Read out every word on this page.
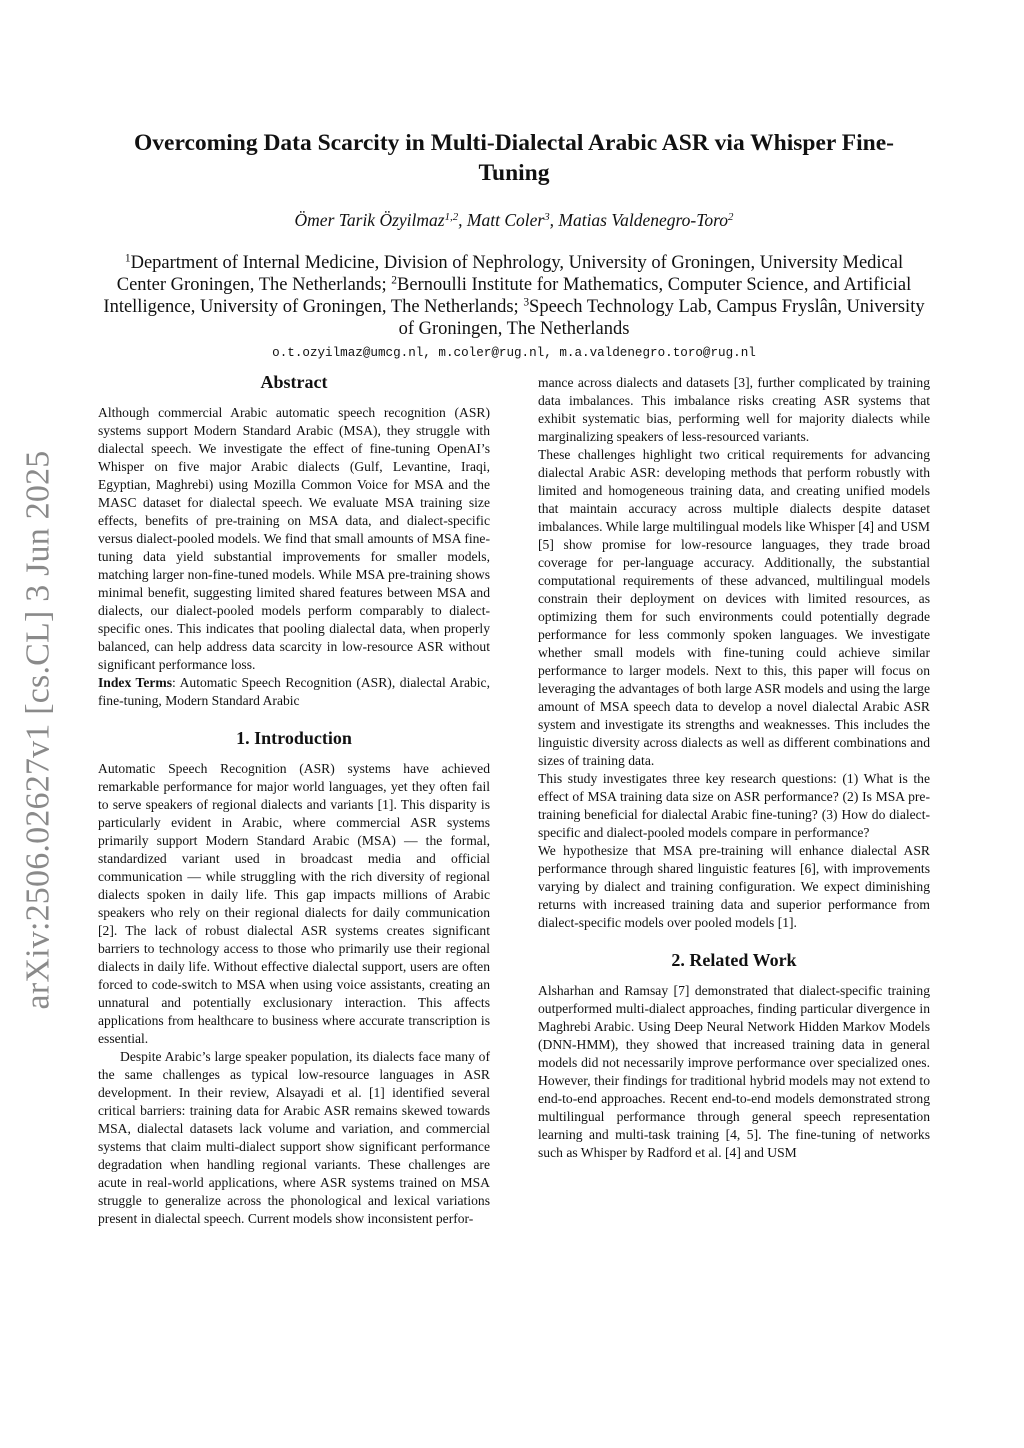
arXiv:2506.02627v1 [cs.CL] 3 Jun 2025
Overcoming Data Scarcity in Multi-Dialectal Arabic ASR via Whisper Fine-Tuning
Ömer Tarik Özyilmaz$^{1,2}$, Matt Coler$^3$, Matias Valdenegro-Toro$^2$
$^1$Department of Internal Medicine, Division of Nephrology, University of Groningen, University Medical Center Groningen, The Netherlands; $^2$Bernoulli Institute for Mathematics, Computer Science, and Artificial Intelligence, University of Groningen, The Netherlands; $^3$Speech Technology Lab, Campus Fryslân, University of Groningen, The Netherlands
o.t.ozyilmaz@umcg.nl, m.coler@rug.nl, m.a.valdenegro.toro@rug.nl
Abstract

Although commercial Arabic automatic speech recognition (ASR) systems support Modern Standard Arabic (MSA), they struggle with dialectal speech. We investigate the effect of fine-tuning OpenAI’s Whisper on five major Arabic dialects (Gulf, Levantine, Iraqi, Egyptian, Maghrebi) using Mozilla Common Voice for MSA and the MASC dataset for dialectal speech. We evaluate MSA training size effects, benefits of pre-training on MSA data, and dialect-specific versus dialect-pooled models. We find that small amounts of MSA fine-tuning data yield substantial improvements for smaller models, matching larger non-fine-tuned models. While MSA pre-training shows minimal benefit, suggesting limited shared features between MSA and dialects, our dialect-pooled models perform comparably to dialect-specific ones. This indicates that pooling dialectal data, when properly balanced, can help address data scarcity in low-resource ASR without significant performance loss.

Index Terms: Automatic Speech Recognition (ASR), dialectal Arabic, fine-tuning, Modern Standard Arabic

1. Introduction

Automatic Speech Recognition (ASR) systems have achieved remarkable performance for major world languages, yet they often fail to serve speakers of regional dialects and variants [1]. This disparity is particularly evident in Arabic, where commercial ASR systems primarily support Modern Standard Arabic (MSA) — the formal, standardized variant used in broadcast media and official communication — while struggling with the rich diversity of regional dialects spoken in daily life. This gap impacts millions of Arabic speakers who rely on their regional dialects for daily communication [2]. The lack of robust dialectal ASR systems creates significant barriers to technology access to those who primarily use their regional dialects in daily life. Without effective dialectal support, users are often forced to code-switch to MSA when using voice assistants, creating an unnatural and potentially exclusionary interaction. This affects applications from healthcare to business where accurate transcription is essential.

Despite Arabic’s large speaker population, its dialects face many of the same challenges as typical low-resource languages in ASR development. In their review, Alsayadi et al. [1] identified several critical barriers: training data for Arabic ASR remains skewed towards MSA, dialectal datasets lack volume and variation, and commercial systems that claim multi-dialect support show significant performance degradation when handling regional variants. These challenges are acute in real-world applications, where ASR systems trained on MSA struggle to generalize across the phonological and lexical variations present in dialectal speech. Current models show inconsistent perfor-

mance across dialects and datasets [3], further complicated by training data imbalances. This imbalance risks creating ASR systems that exhibit systematic bias, performing well for majority dialects while marginalizing speakers of less-resourced variants.

These challenges highlight two critical requirements for advancing dialectal Arabic ASR: developing methods that perform robustly with limited and homogeneous training data, and creating unified models that maintain accuracy across multiple dialects despite dataset imbalances. While large multilingual models like Whisper [4] and USM [5] show promise for low-resource languages, they trade broad coverage for per-language accuracy. Additionally, the substantial computational requirements of these advanced, multilingual models constrain their deployment on devices with limited resources, as optimizing them for such environments could potentially degrade performance for less commonly spoken languages. We investigate whether small models with fine-tuning could achieve similar performance to larger models. Next to this, this paper will focus on leveraging the advantages of both large ASR models and using the large amount of MSA speech data to develop a novel dialectal Arabic ASR system and investigate its strengths and weaknesses. This includes the linguistic diversity across dialects as well as different combinations and sizes of training data.

This study investigates three key research questions: (1) What is the effect of MSA training data size on ASR performance? (2) Is MSA pre-training beneficial for dialectal Arabic fine-tuning? (3) How do dialect-specific and dialect-pooled models compare in performance?

We hypothesize that MSA pre-training will enhance dialectal ASR performance through shared linguistic features [6], with improvements varying by dialect and training configuration. We expect diminishing returns with increased training data and superior performance from dialect-specific models over pooled models [1].

2. Related Work

Alsharhan and Ramsay [7] demonstrated that dialect-specific training outperformed multi-dialect approaches, finding particular divergence in Maghrebi Arabic. Using Deep Neural Network Hidden Markov Models (DNN-HMM), they showed that increased training data in general models did not necessarily improve performance over specialized ones. However, their findings for traditional hybrid models may not extend to end-to-end approaches. Recent end-to-end models demonstrated strong multilingual performance through general speech representation learning and multi-task training [4, 5]. The fine-tuning of networks such as Whisper by Radford et al. [4] and USM
